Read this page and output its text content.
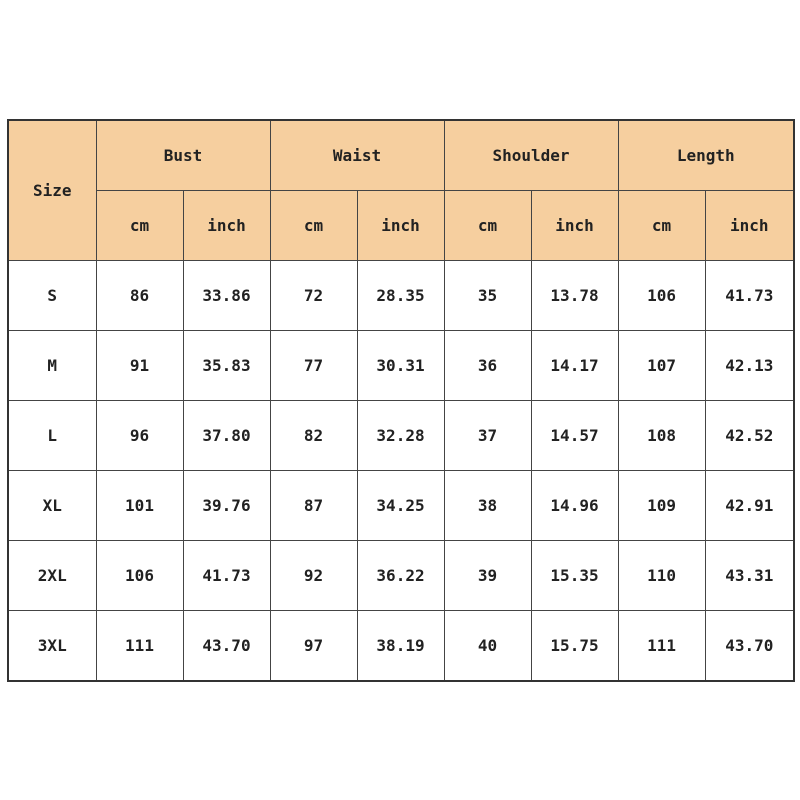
Size	Bust		Waist		Shoulder		Length	
	cm	inch	cm	inch	cm	inch	cm	inch
S	86	33.86	72	28.35	35	13.78	106	41.73
M	91	35.83	77	30.31	36	14.17	107	42.13
L	96	37.80	82	32.28	37	14.57	108	42.52
XL	101	39.76	87	34.25	38	14.96	109	42.91
2XL	106	41.73	92	36.22	39	15.35	110	43.31
3XL	111	43.70	97	38.19	40	15.75	111	43.70
